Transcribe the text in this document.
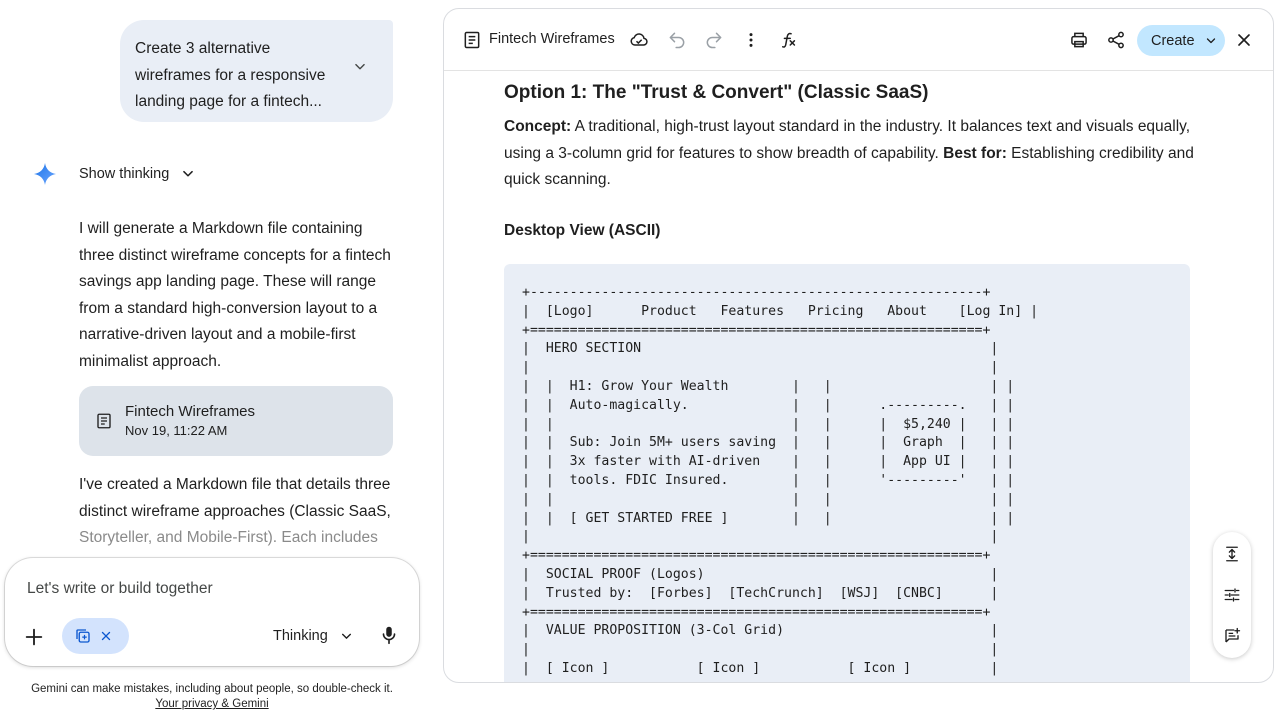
Create 3 alternative wireframes for a responsive landing page for a fintech...
Show thinking
I will generate a Markdown file containing three distinct wireframe concepts for a fintech savings app landing page. These will range from a standard high-conversion layout to a narrative-driven layout and a mobile-first minimalist approach.
Fintech Wireframes
Nov 19, 11:22 AM
I've created a Markdown file that details three distinct wireframe approaches (Classic SaaS, Storyteller, and Mobile-First). Each includes
Let's write or build together
Thinking
Gemini can make mistakes, including about people, so double-check it.
Your privacy & Gemini
Fintech Wireframes	Create
Option 1: The "Trust & Convert" (Classic SaaS)
Concept: A traditional, high-trust layout standard in the industry. It balances text and visuals equally, using a 3-column grid for features to show breadth of capability. Best for: Establishing credibility and quick scanning.
Desktop View (ASCII)
+---------------------------------------------------------+
|  [Logo]      Product   Features   Pricing   About    [Log In] |
+=========================================================+
|  HERO SECTION                                            |
|                                                          |
|  |  H1: Grow Your Wealth        |   |                    | |
|  |  Auto-magically.             |   |      .---------.   | |
|  |                              |   |      |  $5,240 |   | |
|  |  Sub: Join 5M+ users saving  |   |      |  Graph  |   | |
|  |  3x faster with AI-driven    |   |      |  App UI |   | |
|  |  tools. FDIC Insured.        |   |      '---------'   | |
|  |                              |   |                    | |
|  |  [ GET STARTED FREE ]        |   |                    | |
|                                                          |
+=========================================================+
|  SOCIAL PROOF (Logos)                                    |
|  Trusted by:  [Forbes]  [TechCrunch]  [WSJ]  [CNBC]      |
+=========================================================+
|  VALUE PROPOSITION (3-Col Grid)                          |
|                                                          |
|  [ Icon ]           [ Icon ]           [ Icon ]          |
